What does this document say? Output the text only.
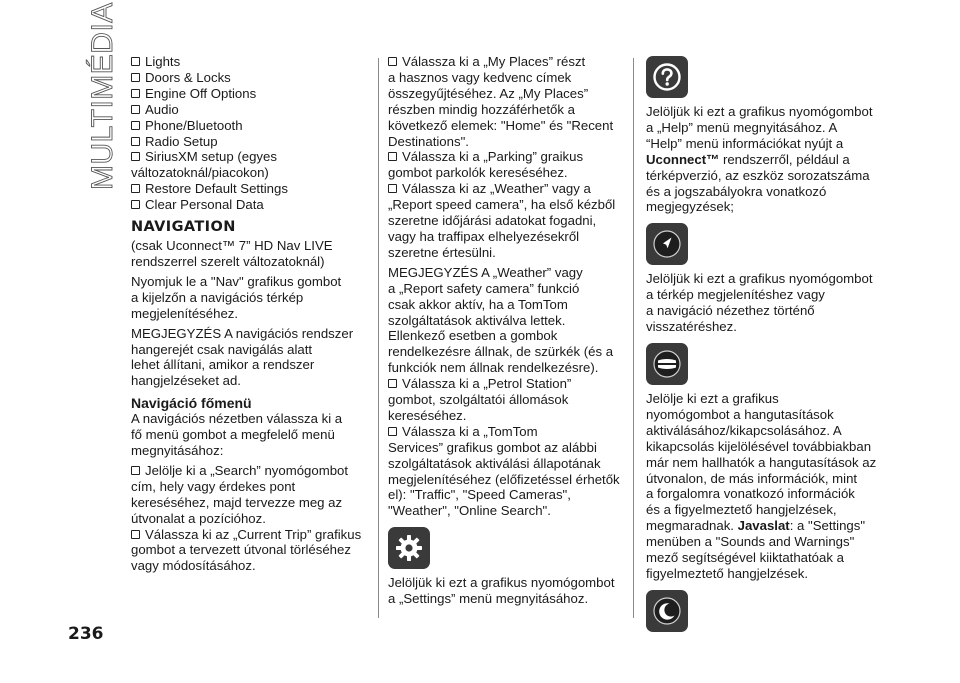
MULTIMÉDIA
236
Lights
Doors & Locks
Engine Off Options
Audio
Phone/Bluetooth
Radio Setup
SiriusXM setup (egyes
változatoknál/piacokon)
Restore Default Settings
Clear Personal Data
NAVIGATION
(csak Uconnect™ 7” HD Nav LIVE
rendszerrel szerelt változatoknál)
Nyomjuk le a "Nav" grafikus gombot
a kijelzőn a navigációs térkép
megjelenítéséhez.
MEGJEGYZÉS A navigációs rendszer
hangerejét csak navigálás alatt
lehet állítani, amikor a rendszer
hangjelzéseket ad.
Navigáció főmenü
A navigációs nézetben válassza ki a
fő menü gombot a megfelelő menü
megnyitásához:
Jelölje ki a „Search” nyomógombot
cím, hely vagy érdekes pont
kereséséhez, majd tervezze meg az
útvonalat a pozícióhoz.
Válassza ki az „Current Trip” grafikus
gombot a tervezett útvonal törléséhez
vagy módosításához.
Válassza ki a „My Places” részt
a hasznos vagy kedvenc címek
összegyűjtéséhez. Az „My Places”
részben mindig hozzáférhetők a
következő elemek: "Home" és "Recent
Destinations".
Válassza ki a „Parking” graikus
gombot parkolók kereséséhez.
Válassza ki az „Weather” vagy a
„Report speed camera”, ha első kézből
szeretne időjárási adatokat fogadni,
vagy ha traffipax elhelyezésekről
szeretne értesülni.
MEGJEGYZÉS A „Weather” vagy
a „Report safety camera” funkció
csak akkor aktív, ha a TomTom
szolgáltatások aktiválva lettek.
Ellenkező esetben a gombok
rendelkezésre állnak, de szürkék (és a
funkciók nem állnak rendelkezésre).
Válassza ki a „Petrol Station”
gombot, szolgáltatói állomások
kereséséhez.
Válassza ki a „TomTom
Services” grafikus gombot az alábbi
szolgáltatások aktiválási állapotának
megjelenítéséhez (előfizetéssel érhetők
el): "Traffic", "Speed Cameras",
"Weather", "Online Search".
Jelöljük ki ezt a grafikus nyomógombot
a „Settings” menü megnyitásához.
Jelöljük ki ezt a grafikus nyomógombot
a „Help” menü megnyitásához. A
“Help” menü információkat nyújt a
Uconnect™ rendszerről, például a
térképverzió, az eszköz sorozatszáma
és a jogszabályokra vonatkozó
megjegyzések;
Jelöljük ki ezt a grafikus nyomógombot
a térkép megjelenítéshez vagy
a navigáció nézethez történő
visszatéréshez.
Jelölje ki ezt a grafikus
nyomógombot a hangutasítások
aktiválásához/kikapcsolásához. A
kikapcsolás kijelölésével továbbiakban
már nem hallhatók a hangutasítások az
útvonalon, de más információk, mint
a forgalomra vonatkozó információk
és a figyelmeztető hangjelzések,
megmaradnak. Javaslat: a "Settings"
menüben a "Sounds and Warnings"
mező segítségével kiiktathatóak a
figyelmeztető hangjelzések.
